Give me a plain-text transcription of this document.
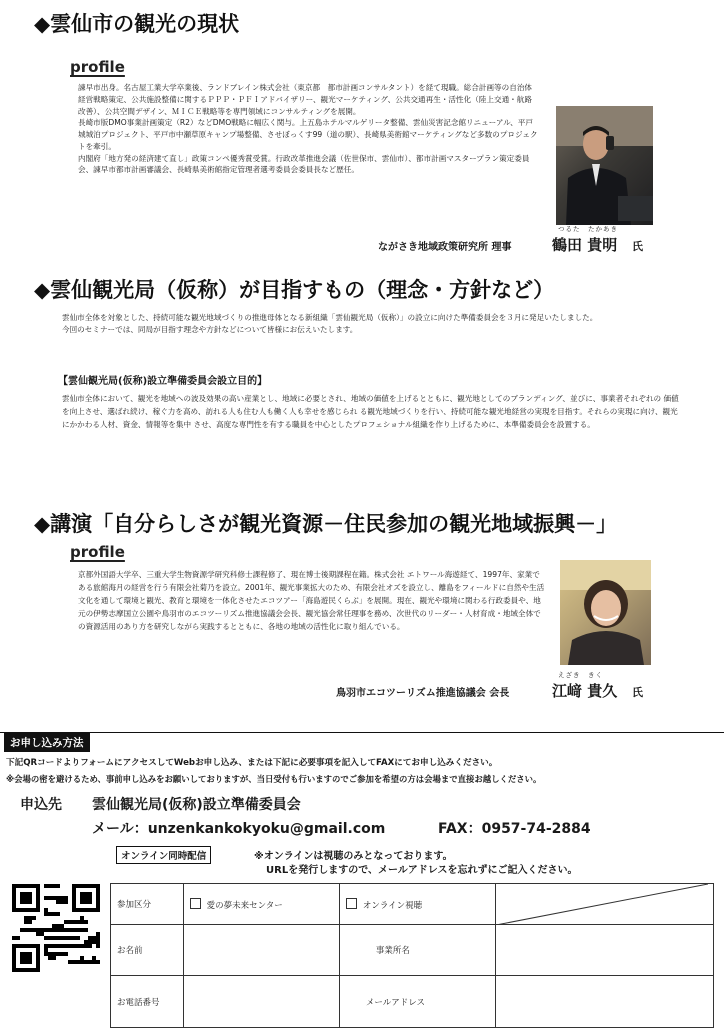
◆雲仙市の観光の現状
profile

諫早市出身。名古屋工業大学卒業後、ランドブレイン株式会社（東京都　都市計画コンサルタント）を経て現職。総合計画等の自治体経営戦略策定、公共施設整備に関するＰＰＰ・ＰＦＩアドバイザリー、観光マーケティング、公共交通再生・活性化（陸上交通・航路改善）、公共空間デザイン、ＭＩＣＥ戦略等を専門領域にコンサルティングを展開。

長崎市版DMO事業計画策定（R2）などDMO戦略に幅広く関与。上五島ホテルマルゲリータ整備、雲仙災害記念館リニューアル、平戸城城泊プロジェクト、平戸市中瀬草原キャンプ場整備、させぼっくす99（道の駅）、長崎県美術館マーケティングなど多数のプロジェクトを牽引。

内閣府「地方発の経済建て直し」政策コンペ優秀賞受賞。行政改革推進会議（佐世保市、雲仙市）、都市計画マスタープラン策定委員会、諫早市都市計画審議会、長崎県美術館指定管理者選考委員会委員長など歴任。

つるた　たかあき
ながさき地域政策研究所 理事	鶴田 貴明 氏
◆雲仙観光局（仮称）が目指すもの（理念・方針など）

雲仙市全体を対象とした、持続可能な観光地域づくりの推進母体となる新組織「雲仙観光局（仮称）」の設立に向けた準備委員会を３月に発足いたしました。

今回のセミナーでは、同局が目指す理念や方針などについて皆様にお伝えいたします。

【雲仙観光局(仮称)設立準備委員会設立目的】
雲仙市全体において、観光を地域への波及効果の高い産業とし、地域に必要とされ、地域の価値を上げるとともに、観光地としてのブランディング、並びに、事業者それぞれの 価値を向上させ、選ばれ続け、稼ぐ力を高め、訪れる人も住む人も働く人も幸せを感じられ る観光地域づくりを行い、持続可能な観光地経営の実現を目指す。それらの実現に向け、観光にかかわる人材、資金、情報等を集中 させ、高度な専門性を有する職員を中心としたプロフェショナル組織を作り上げるために、本準備委員会を設置する。
◆講演「自分らしさが観光資源－住民参加の観光地域振興－」
profile
京都外国語大学卒、三重大学生物資源学研究科修士課程修了、現在博士後期課程在籍。株式会社 エトワール海遊経て、1997年、家業である旅館海月の経営を行う有限会社菊乃を設立。2001年、観光事業拡大のため、有限会社オズを設立し、離島をフィールドに自然や生活文化を通して環境と観光、教育と環境を一体化させたエコツアー「海島遊民くらぶ」を展開。現在、観光や環境に関わる行政委員や、地元の伊勢志摩国立公園や鳥羽市のエコツーリズム推進協議会会長、観光協会常任理事を務め、次世代のリーダー・人材育成・地域全体での資源活用のあり方を研究しながら実践するとともに、各地の地域の活性化に取り組んでいる。
えざき　きく
鳥羽市エコツーリズム推進協議会 会長	江﨑 貴久 氏
お申し込み方法
下記QRコードよりフォームにアクセスしてWebお申し込み、または下記に必要事項を記入してFAXにてお申し込みください。
※会場の密を避けるため、事前申し込みをお願いしておりますが、当日受付も行いますのでご参加を希望の方は会場まで直接お越しください。
申込先 雲仙観光局(仮称)設立準備委員会
メール：unzenkankokyoku@gmail.com	FAX：0957-74-2884
オンライン同時配信	※オンラインは視聴のみとなっております。
URLを発行しますので、メールアドレスを忘れずにご記入ください。
参加区分	愛の夢未来センター	オンライン視聴	

お名前		事業所名	
お電話番号		メールアドレス	
